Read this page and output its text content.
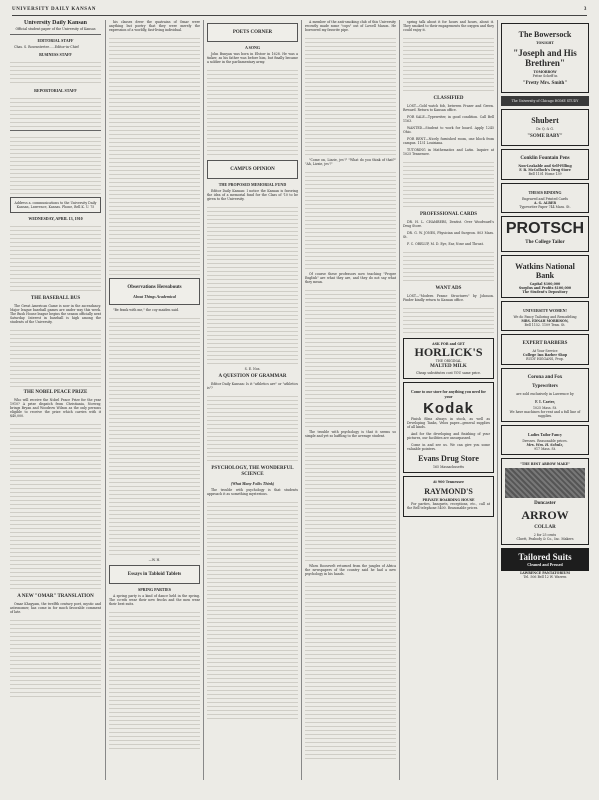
UNIVERSITY DAILY KANSAN	3
University Daily Kansan
Official student paper of the University of Kansas
EDITORIAL STAFF
Chas. S. Rosenstreter......Editor-in-Chief
BUSINESS STAFF
REPORTORIAL STAFF
Address a. communications to the University Daily Kansan, Lawrence, Kansas. Phone, Bell K. U. 75
WEDNESDAY, APRIL 13, 1910
THE BASEBALL BUS
The Great American Game is now in the ascendancy. Major league baseball games are under way this week. The Bush House league begins the season officially next Saturday. Interest in baseball is high among the students of the University.
THE NOBEL PEACE PRIZE
Who will receive the Nobel Peace Prize for the year 1910? A prize dispatch from Christiania, Norway, brings Bryan and Woodrow Wilson as the only persons eligible to receive the prize which carries with it $40,000.
A NEW "OMAR" TRANSLATION
Omar Khayyam, the twelfth century poet, mystic and astronomer, has come in for much favorable comment of late.
his classes drew the quatrains of Omar were anything but poetry that they were merely the expression of a worldly, fast-living individual.
Observations Hereabouts
About Things Academical
"Be frank with me," the coy maiden said.
—W. H.
Essays in Tabloid Tablets
SPRING PARTIES
A spring party is a kind of dance held in the spring. The co-eds wear their new frocks and the men wear their best suits.
POETS CORNER
A SONG
John Bunyan was born in Elstow in 1628. He was a tinker, as his father was before him, but finally became a soldier in the parliamentary army.
CAMPUS OPINION
THE PROPOSED MEMORIAL FUND
Editor Daily Kansan: I notice the Kansan is favoring the idea of a memorial fund for the Class of '10 to be given to the University.
S. E. Nos.
A QUESTION OF GRAMMAR
Editor Daily Kansan: Is it "athletics are" or "athletics is"?
PSYCHOLOGY, THE WONDERFUL SCIENCE
(What Many Folks Think)
The trouble with psychology is that students approach it as something mysterious.
A member of the anti-smoking club of this University recently made some "cops" out of Lowell Mason. He borrowed my favorite pipe.
"Come on, Lizzie, jes'!" "What do you think of that?" "Ah, Lizzie, jes'!"
Of course these professors now teaching "Proper English" are what they are, and they do not say what they mean.
The trouble with psychology is that it seems so simple and yet so baffling to the average student.
When Roosevelt returned from the jungles of Africa the newspapers of the country said he had a new psychology in his hands.
spring talk about it for hours and hours, about it. They smoked to their engagements the oxygen and they could enjoy it.
CLASSIFIED
LOST—Gold watch fob, between Fraser and Green. Reward. Return to Kansan office.
FOR SALE—Typewriter, in good condition. Call Bell 1163.
WANTED—Student to work for board. Apply 1245 Ohio.
FOR RENT—Nicely furnished room, one block from campus. 1131 Louisiana.
TUTORING in Mathematics and Latin. Inquire at 1025 Tennessee.
PROFESSIONAL CARDS
DR. H. L. CHAMBERS, Dentist. Over Woodward's Drug Store.
DR. G. W. JONES, Physician and Surgeon. 803 Mass. St.
F. C. ORELUP, M. D. Eye, Ear, Nose and Throat.
WANT ADS
LOST—"Modern Frame Structures" by Johnson. Finder kindly return to Kansan office.
ASK FOR and GET
HORLICK'S
THE ORIGINAL
MALTED MILK
Cheap substitutes cost YOU same price.
Come to our store for anything you need for your
Kodak
Finish films always in stock, as well as Developing Tanks, Velox paper—general supplies of all kinds.
And for the developing and finishing of your pictures, our facilities are unsurpassed.
Come in and see us. We can give you some valuable pointers.
Evans Drug Store
165 Massachusetts
At 900 Tennessee
RAYMOND'S
PRIVATE BOARDING HOUSE
For parties, banquets, receptions, etc., call at the Bell telephone 5400. Reasonable prices.
The Bowersock
TONIGHT
"Joseph and His Brethren"
TOMORROW
Fritze Scheff in
"Pretty Mrs. Smith"
The University of Chicago HOME STUDY
Shubert
Dr. Q. & G.
"SOME BABY"
Conklin Fountain Pens
Non-Leakable and Self-Filling
F. B. McColloch's Drug Store
Bell 1101 Home 139
THESIS BINDING
Engraved and Printed Cards
A. G. ALBER
Typewriter Paper 744 Mass. St.
PROTSCH
The College Tailor
Watkins National Bank
Capital $100,000
Surplus and Profits $100,000
The Student's Depository
UNIVERSITY WOMEN!
We do Fancy Tailoring and Remodeling
MRS. EDNAH MORRISON,
Bell 1152. 1109 Tenn. St.
EXPERT BARBERS
At Your Service
College Inn Barber Shop
RUDY HIGGANS, Prop.
Corona and Fox
Typewriters
are sold exclusively in Lawrence by
F. I. Carter,
1025 Mass. St.
We have machines for rent and a full line of supplies.
Ladies Tailor Fancy
Dresses. Reasonable prices.
Mrs. Wm. H. Schulz,
917 Mass. St.
"THE BEST ARROW MAKE"
Doncaster
ARROW
COLLAR
2 for 25 cents
Cluett, Peabody & Co., Inc. Makers
Tailored Suits
Cleaned and Pressed
LAWRENCE PANTATORIUM
Tel. 506 Bell 12 W. Warren
